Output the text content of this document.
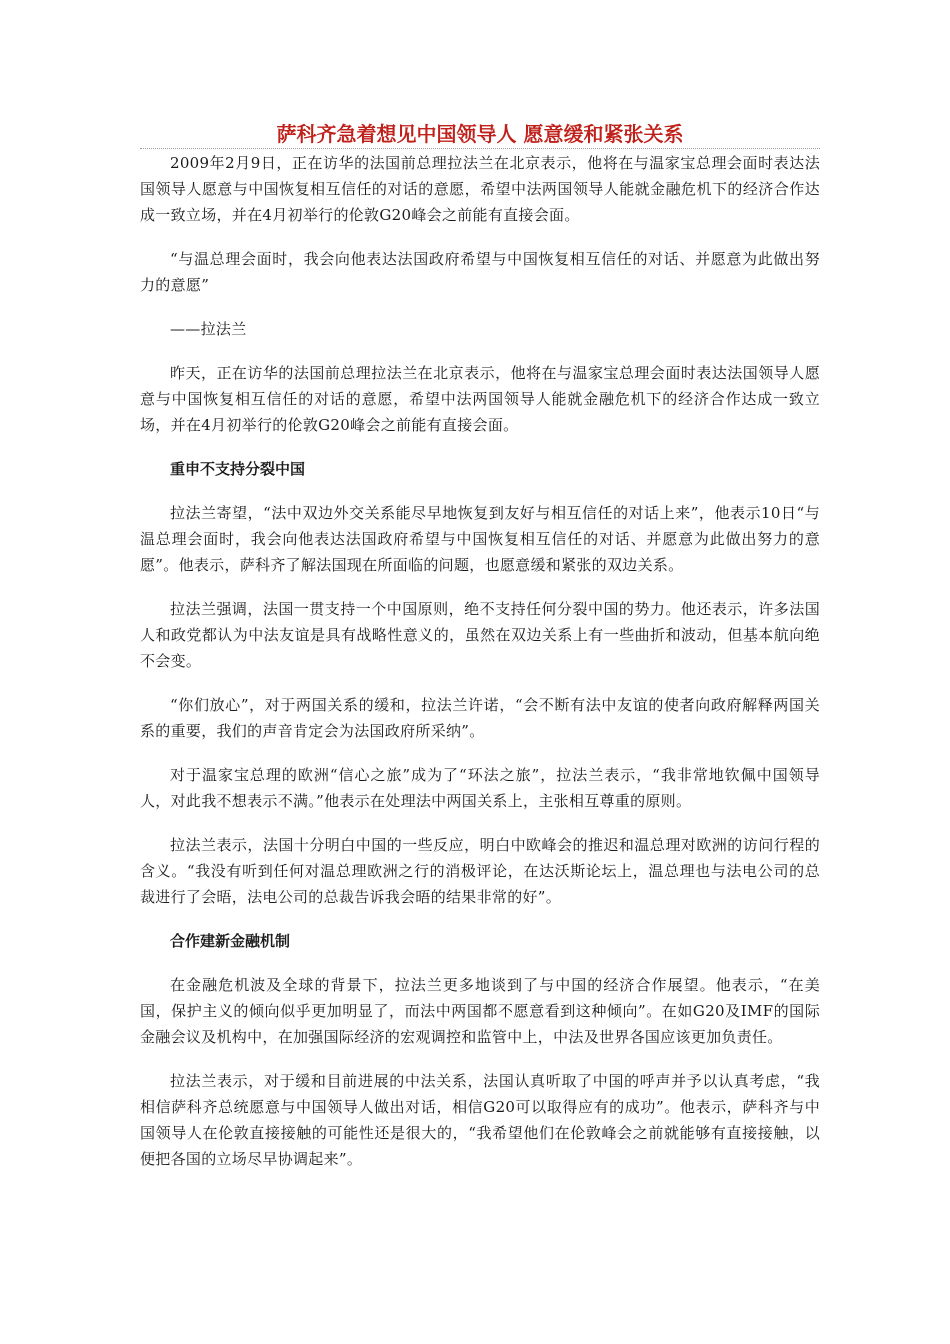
萨科齐急着想见中国领导人 愿意缓和紧张关系

2009年2月9日，正在访华的法国前总理拉法兰在北京表示，他将在与温家宝总理会面时表达法国领导人愿意与中国恢复相互信任的对话的意愿，希望中法两国领导人能就金融危机下的经济合作达成一致立场，并在4月初举行的伦敦G20峰会之前能有直接会面。

“与温总理会面时，我会向他表达法国政府希望与中国恢复相互信任的对话、并愿意为此做出努力的意愿”

——拉法兰

昨天，正在访华的法国前总理拉法兰在北京表示，他将在与温家宝总理会面时表达法国领导人愿意与中国恢复相互信任的对话的意愿，希望中法两国领导人能就金融危机下的经济合作达成一致立场，并在4月初举行的伦敦G20峰会之前能有直接会面。

重申不支持分裂中国

拉法兰寄望，“法中双边外交关系能尽早地恢复到友好与相互信任的对话上来”，他表示10日“与温总理会面时，我会向他表达法国政府希望与中国恢复相互信任的对话、并愿意为此做出努力的意愿”。他表示，萨科齐了解法国现在所面临的问题，也愿意缓和紧张的双边关系。

拉法兰强调，法国一贯支持一个中国原则，绝不支持任何分裂中国的势力。他还表示，许多法国人和政党都认为中法友谊是具有战略性意义的，虽然在双边关系上有一些曲折和波动，但基本航向绝不会变。

“你们放心”，对于两国关系的缓和，拉法兰许诺，“会不断有法中友谊的使者向政府解释两国关系的重要，我们的声音肯定会为法国政府所采纳”。

对于温家宝总理的欧洲“信心之旅”成为了“环法之旅”，拉法兰表示，“我非常地钦佩中国领导人，对此我不想表示不满。”他表示在处理法中两国关系上，主张相互尊重的原则。

拉法兰表示，法国十分明白中国的一些反应，明白中欧峰会的推迟和温总理对欧洲的访问行程的含义。“我没有听到任何对温总理欧洲之行的消极评论，在达沃斯论坛上，温总理也与法电公司的总裁进行了会晤，法电公司的总裁告诉我会晤的结果非常的好”。

合作建新金融机制

在金融危机波及全球的背景下，拉法兰更多地谈到了与中国的经济合作展望。他表示，“在美国，保护主义的倾向似乎更加明显了，而法中两国都不愿意看到这种倾向”。在如G20及IMF的国际金融会议及机构中，在加强国际经济的宏观调控和监管中上，中法及世界各国应该更加负责任。

拉法兰表示，对于缓和目前进展的中法关系，法国认真听取了中国的呼声并予以认真考虑，“我相信萨科齐总统愿意与中国领导人做出对话，相信G20可以取得应有的成功”。他表示，萨科齐与中国领导人在伦敦直接接触的可能性还是很大的，“我希望他们在伦敦峰会之前就能够有直接接触，以便把各国的立场尽早协调起来”。
